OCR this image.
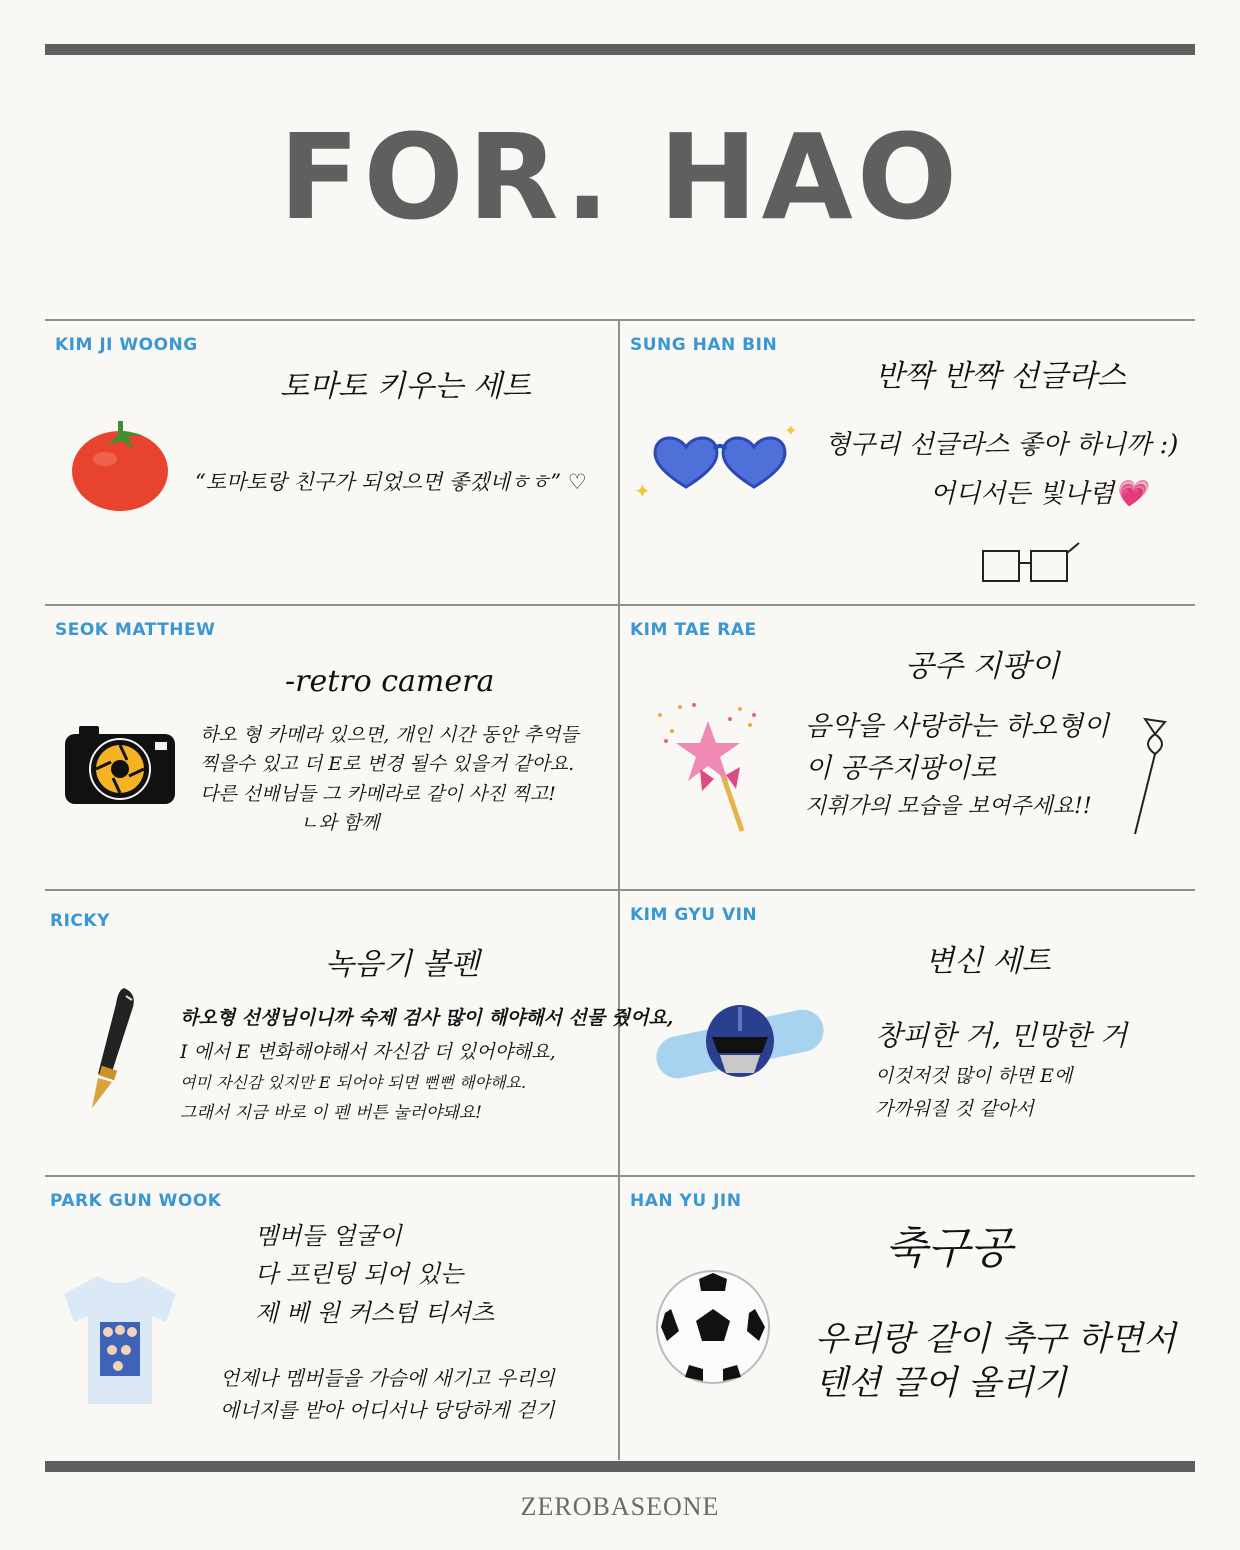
FOR. HAO
KIM JI WOONG
토마토 키우는 세트
“토마토랑 친구가 되었으면 좋겠네ㅎㅎ” ♡
SUNG HAN BIN
반짝 반짝 선글라스
✦
✦ 형구리 선글라스 좋아 하니까 :)
어디서든 빛나렴💗
SEOK MATTHEW
-retro camera
하오 형 카메라 있으면, 개인 시간 동안 추억들
찍을수 있고 더 E로 변경 될수 있을거 같아요.
다른 선배님들 그 카메라로 같이 사진 찍고!
ㄴ와 함께
KIM TAE RAE
공주 지팡이
음악을 사랑하는 하오형이
이 공주지팡이로
지휘가의 모습을 보여주세요!!
RICKY
녹음기 볼펜
하오형 선생님이니까 숙제 검사 많이 해야해서 선물 줬어요,
I 에서 E 변화해야해서 자신감 더 있어야해요,
여미 자신감 있지만 E 되어야 되면 뻔뻔 해야해요.
그래서 지금 바로 이 펜 버튼 눌러야돼요!
KIM GYU VIN
변신 세트
창피한 거, 민망한 거
이것저것 많이 하면 E에
가까워질 것 같아서
PARK GUN WOOK
멤버들 얼굴이
다 프린팅 되어 있는
제 베 원 커스텀 티셔츠
언제나 멤버들을 가슴에 새기고 우리의
에너지를 받아 어디서나 당당하게 걷기
HAN YU JIN
축구공
우리랑 같이 축구 하면서
텐션 끌어 올리기
ZEROBASEONE
